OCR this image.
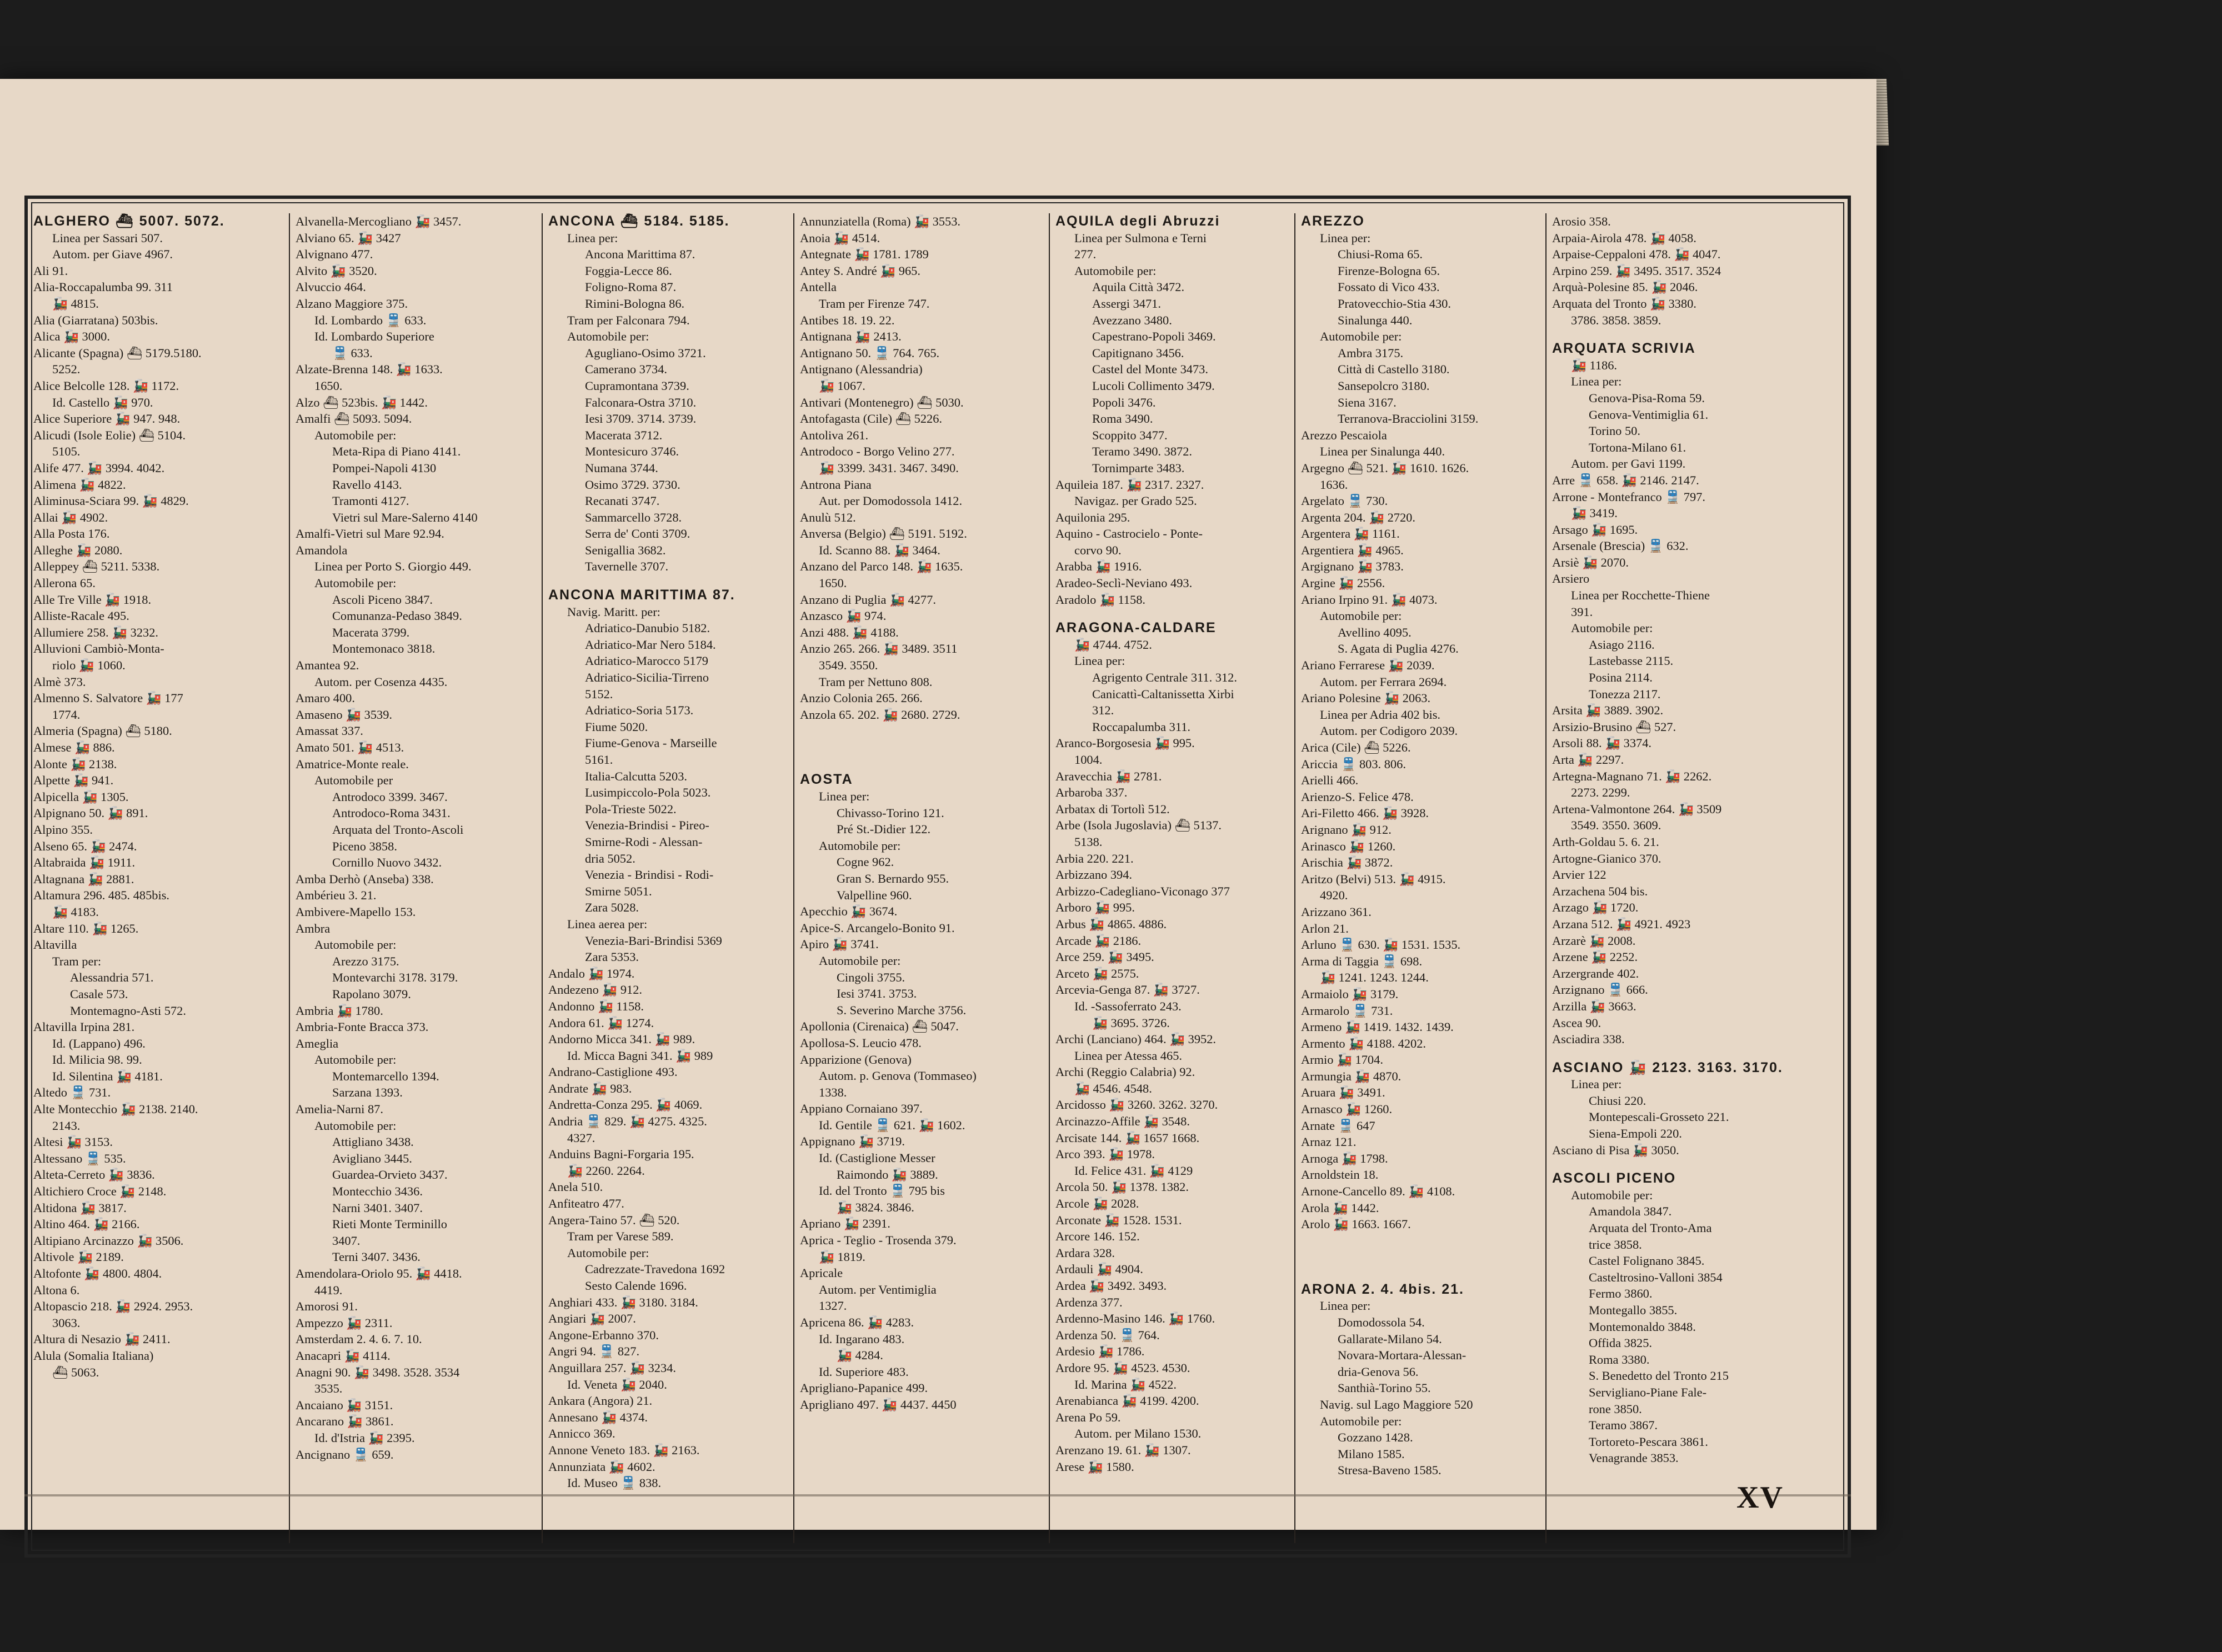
ALGHERO ⛴ 5007. 5072.
Linea per Sassari 507.
Autom. per Giave 4967.
Ali 91.
Alia-Roccapalumba 99. 311
🚂 4815.
Alia (Giarratana) 503bis.
Alica 🚂 3000.
Alicante (Spagna) ⛴ 5179.5180.
5252.
Alice Belcolle 128. 🚂 1172.
Id. Castello 🚂 970.
Alice Superiore 🚂 947. 948.
Alicudi (Isole Eolie) ⛴ 5104.
5105.
Alife 477. 🚂 3994. 4042.
Alimena 🚂 4822.
Aliminusa-Sciara 99. 🚂 4829.
Allai 🚂 4902.
Alla Posta 176.
Alleghe 🚂 2080.
Alleppey ⛴ 5211. 5338.
Allerona 65.
Alle Tre Ville 🚂 1918.
Alliste-Racale 495.
Allumiere 258. 🚂 3232.
Alluvioni Cambiò-Monta-
riolo 🚂 1060.
Almè 373.
Almenno S. Salvatore 🚂 177
1774.
Almeria (Spagna) ⛴ 5180.
Almese 🚂 886.
Alonte 🚂 2138.
Alpette 🚂 941.
Alpicella 🚂 1305.
Alpignano 50. 🚂 891.
Alpino 355.
Alseno 65. 🚂 2474.
Altabraida 🚂 1911.
Altagnana 🚂 2881.
Altamura 296. 485. 485bis.
🚂 4183.
Altare 110. 🚂 1265.
Altavilla
Tram per:
Alessandria 571.
Casale 573.
Montemagno-Asti 572.
Altavilla Irpina 281.
Id. (Lappano) 496.
Id. Milicia 98. 99.
Id. Silentina 🚂 4181.
Altedo 🚆 731.
Alte Montecchio 🚂 2138. 2140.
2143.
Altesi 🚂 3153.
Altessano 🚆 535.
Alteta-Cerreto 🚂 3836.
Altichiero Croce 🚂 2148.
Altidona 🚂 3817.
Altino 464. 🚂 2166.
Altipiano Arcinazzo 🚂 3506.
Altivole 🚂 2189.
Altofonte 🚂 4800. 4804.
Altona 6.
Altopascio 218. 🚂 2924. 2953.
3063.
Altura di Nesazio 🚂 2411.
Alula (Somalia Italiana)
⛴ 5063.
Alvanella-Mercogliano 🚂 3457.
Alviano 65. 🚂 3427
Alvignano 477.
Alvito 🚂 3520.
Alvuccio 464.
Alzano Maggiore 375.
Id. Lombardo 🚆 633.
Id. Lombardo Superiore
🚆 633.
Alzate-Brenna 148. 🚂 1633.
1650.
Alzo ⛴ 523bis. 🚂 1442.
Amalfi ⛴ 5093. 5094.
Automobile per:
Meta-Ripa di Piano 4141.
Pompei-Napoli 4130
Ravello 4143.
Tramonti 4127.
Vietri sul Mare-Salerno 4140
Amalfi-Vietri sul Mare 92.94.
Amandola
Linea per Porto S. Giorgio 449.
Automobile per:
Ascoli Piceno 3847.
Comunanza-Pedaso 3849.
Macerata 3799.
Montemonaco 3818.
Amantea 92.
Autom. per Cosenza 4435.
Amaro 400.
Amaseno 🚂 3539.
Amassat 337.
Amato 501. 🚂 4513.
Amatrice-Monte reale.
Automobile per
Antrodoco 3399. 3467.
Antrodoco-Roma 3431.
Arquata del Tronto-Ascoli
Piceno 3858.
Cornillo Nuovo 3432.
Amba Derhò (Anseba) 338.
Ambérieu 3. 21.
Ambivere-Mapello 153.
Ambra
Automobile per:
Arezzo 3175.
Montevarchi 3178. 3179.
Rapolano 3079.
Ambria 🚂 1780.
Ambria-Fonte Bracca 373.
Ameglia
Automobile per:
Montemarcello 1394.
Sarzana 1393.
Amelia-Narni 87.
Automobile per:
Attigliano 3438.
Avigliano 3445.
Guardea-Orvieto 3437.
Montecchio 3436.
Narni 3401. 3407.
Rieti Monte Terminillo
3407.
Terni 3407. 3436.
Amendolara-Oriolo 95. 🚂 4418.
4419.
Amorosi 91.
Ampezzo 🚂 2311.
Amsterdam 2. 4. 6. 7. 10.
Anacapri 🚂 4114.
Anagni 90. 🚂 3498. 3528. 3534
3535.
Ancaiano 🚂 3151.
Ancarano 🚂 3861.
Id. d'Istria 🚂 2395.
Ancignano 🚆 659.
ANCONA ⛴ 5184. 5185.
Linea per:
Ancona Marittima 87.
Foggia-Lecce 86.
Foligno-Roma 87.
Rimini-Bologna 86.
Tram per Falconara 794.
Automobile per:
Agugliano-Osimo 3721.
Camerano 3734.
Cupramontana 3739.
Falconara-Ostra 3710.
Iesi 3709. 3714. 3739.
Macerata 3712.
Montesicuro 3746.
Numana 3744.
Osimo 3729. 3730.
Recanati 3747.
Sammarcello 3728.
Serra de' Conti 3709.
Senigallia 3682.
Tavernelle 3707.
ANCONA MARITTIMA 87.
Navig. Maritt. per:
Adriatico-Danubio 5182.
Adriatico-Mar Nero 5184.
Adriatico-Marocco 5179
Adriatico-Sicilia-Tirreno
5152.
Adriatico-Soria 5173.
Fiume 5020.
Fiume-Genova - Marseille
5161.
Italia-Calcutta 5203.
Lusimpiccolo-Pola 5023.
Pola-Trieste 5022.
Venezia-Brindisi - Pireo-
Smirne-Rodi - Alessan-
dria 5052.
Venezia - Brindisi - Rodi-
Smirne 5051.
Zara 5028.
Linea aerea per:
Venezia-Bari-Brindisi 5369
Zara 5353.
Andalo 🚂 1974.
Andezeno 🚂 912.
Andonno 🚂 1158.
Andora 61. 🚂 1274.
Andorno Micca 341. 🚂 989.
Id. Micca Bagni 341. 🚂 989
Andrano-Castiglione 493.
Andrate 🚂 983.
Andretta-Conza 295. 🚂 4069.
Andria 🚆 829. 🚂 4275. 4325.
4327.
Anduins Bagni-Forgaria 195.
🚂 2260. 2264.
Anela 510.
Anfiteatro 477.
Angera-Taino 57. ⛴ 520.
Tram per Varese 589.
Automobile per:
Cadrezzate-Travedona 1692
Sesto Calende 1696.
Anghiari 433. 🚂 3180. 3184.
Angiari 🚂 2007.
Angone-Erbanno 370.
Angri 94. 🚆 827.
Anguillara 257. 🚂 3234.
Id. Veneta 🚂 2040.
Ankara (Angora) 21.
Annesano 🚂 4374.
Annicco 369.
Annone Veneto 183. 🚂 2163.
Annunziata 🚂 4602.
Id. Museo 🚆 838.
Annunziatella (Roma) 🚂 3553.
Anoia 🚂 4514.
Antegnate 🚂 1781. 1789
Antey S. André 🚂 965.
Antella
Tram per Firenze 747.
Antibes 18. 19. 22.
Antignana 🚂 2413.
Antignano 50. 🚆 764. 765.
Antignano (Alessandria)
🚂 1067.
Antivari (Montenegro) ⛴ 5030.
Antofagasta (Cile) ⛴ 5226.
Antoliva 261.
Antrodoco - Borgo Velino 277.
🚂 3399. 3431. 3467. 3490.
Antrona Piana
Aut. per Domodossola 1412.
Anulù 512.
Anversa (Belgio) ⛴ 5191. 5192.
Id. Scanno 88. 🚂 3464.
Anzano del Parco 148. 🚂 1635.
1650.
Anzano di Puglia 🚂 4277.
Anzasco 🚂 974.
Anzi 488. 🚂 4188.
Anzio 265. 266. 🚂 3489. 3511
3549. 3550.
Tram per Nettuno 808.
Anzio Colonia 265. 266.
Anzola 65. 202. 🚂 2680. 2729.
AOSTA
Linea per:
Chivasso-Torino 121.
Pré St.-Didier 122.
Automobile per:
Cogne 962.
Gran S. Bernardo 955.
Valpelline 960.
Apecchio 🚂 3674.
Apice-S. Arcangelo-Bonito 91.
Apiro 🚂 3741.
Automobile per:
Cingoli 3755.
Iesi 3741. 3753.
S. Severino Marche 3756.
Apollonia (Cirenaica) ⛴ 5047.
Apollosa-S. Leucio 478.
Apparizione (Genova)
Autom. p. Genova (Tommaseo)
1338.
Appiano Cornaiano 397.
Id. Gentile 🚆 621. 🚂 1602.
Appignano 🚂 3719.
Id. (Castiglione Messer
Raimondo 🚂 3889.
Id. del Tronto 🚆 795 bis
🚂 3824. 3846.
Apriano 🚂 2391.
Aprica - Teglio - Trosenda 379.
🚂 1819.
Apricale
Autom. per Ventimiglia
1327.
Apricena 86. 🚂 4283.
Id. Ingarano 483.
🚂 4284.
Id. Superiore 483.
Aprigliano-Papanice 499.
Aprigliano 497. 🚂 4437. 4450
AQUILA degli Abruzzi
Linea per Sulmona e Terni
277.
Automobile per:
Aquila Città 3472.
Assergi 3471.
Avezzano 3480.
Capestrano-Popoli 3469.
Capitignano 3456.
Castel del Monte 3473.
Lucoli Collimento 3479.
Popoli 3476.
Roma 3490.
Scoppito 3477.
Teramo 3490. 3872.
Tornimparte 3483.
Aquileia 187. 🚂 2317. 2327.
Navigaz. per Grado 525.
Aquilonia 295.
Aquino - Castrocielo - Ponte-
corvo 90.
Arabba 🚂 1916.
Aradeo-Seclì-Neviano 493.
Aradolo 🚂 1158.
ARAGONA-CALDARE
🚂 4744. 4752.
Linea per:
Agrigento Centrale 311. 312.
Canicattì-Caltanissetta Xirbi
312.
Roccapalumba 311.
Aranco-Borgosesia 🚂 995.
1004.
Aravecchia 🚂 2781.
Arbaroba 337.
Arbatax di Tortolì 512.
Arbe (Isola Jugoslavia) ⛴ 5137.
5138.
Arbia 220. 221.
Arbizzano 394.
Arbizzo-Cadegliano-Viconago 377
Arboro 🚂 995.
Arbus 🚂 4865. 4886.
Arcade 🚂 2186.
Arce 259. 🚂 3495.
Arceto 🚂 2575.
Arcevia-Genga 87. 🚂 3727.
Id. -Sassoferrato 243.
🚂 3695. 3726.
Archi (Lanciano) 464. 🚂 3952.
Linea per Atessa 465.
Archi (Reggio Calabria) 92.
🚂 4546. 4548.
Arcidosso 🚂 3260. 3262. 3270.
Arcinazzo-Affile 🚂 3548.
Arcisate 144. 🚂 1657 1668.
Arco 393. 🚂 1978.
Id. Felice 431. 🚂 4129
Arcola 50. 🚂 1378. 1382.
Arcole 🚂 2028.
Arconate 🚂 1528. 1531.
Arcore 146. 152.
Ardara 328.
Ardauli 🚂 4904.
Ardea 🚂 3492. 3493.
Ardenza 377.
Ardenno-Masino 146. 🚂 1760.
Ardenza 50. 🚆 764.
Ardesio 🚂 1786.
Ardore 95. 🚂 4523. 4530.
Id. Marina 🚂 4522.
Arenabianca 🚂 4199. 4200.
Arena Po 59.
Autom. per Milano 1530.
Arenzano 19. 61. 🚂 1307.
Arese 🚂 1580.
AREZZO
Linea per:
Chiusi-Roma 65.
Firenze-Bologna 65.
Fossato di Vico 433.
Pratovecchio-Stia 430.
Sinalunga 440.
Automobile per:
Ambra 3175.
Città di Castello 3180.
Sansepolcro 3180.
Siena 3167.
Terranova-Bracciolini 3159.
Arezzo Pescaiola
Linea per Sinalunga 440.
Argegno ⛴ 521. 🚂 1610. 1626.
1636.
Argelato 🚆 730.
Argenta 204. 🚂 2720.
Argentera 🚂 1161.
Argentiera 🚂 4965.
Argignano 🚂 3783.
Argine 🚂 2556.
Ariano Irpino 91. 🚂 4073.
Automobile per:
Avellino 4095.
S. Agata di Puglia 4276.
Ariano Ferrarese 🚂 2039.
Autom. per Ferrara 2694.
Ariano Polesine 🚂 2063.
Linea per Adria 402 bis.
Autom. per Codigoro 2039.
Arica (Cile) ⛴ 5226.
Ariccia 🚆 803. 806.
Arielli 466.
Arienzo-S. Felice 478.
Ari-Filetto 466. 🚂 3928.
Arignano 🚂 912.
Arinasco 🚂 1260.
Arischia 🚂 3872.
Aritzo (Belvi) 513. 🚂 4915.
4920.
Arizzano 361.
Arlon 21.
Arluno 🚆 630. 🚂 1531. 1535.
Arma di Taggia 🚆 698.
🚂 1241. 1243. 1244.
Armaiolo 🚂 3179.
Armarolo 🚆 731.
Armeno 🚂 1419. 1432. 1439.
Armento 🚂 4188. 4202.
Armio 🚂 1704.
Armungia 🚂 4870.
Aruara 🚂 3491.
Arnasco 🚂 1260.
Arnate 🚆 647
Arnaz 121.
Arnoga 🚂 1798.
Arnoldstein 18.
Arnone-Cancello 89. 🚂 4108.
Arola 🚂 1442.
Arolo 🚂 1663. 1667.
ARONA 2. 4. 4bis. 21.
Linea per:
Domodossola 54.
Gallarate-Milano 54.
Novara-Mortara-Alessan-
dria-Genova 56.
Santhià-Torino 55.
Navig. sul Lago Maggiore 520
Automobile per:
Gozzano 1428.
Milano 1585.
Stresa-Baveno 1585.
Arosio 358.
Arpaia-Airola 478. 🚂 4058.
Arpaise-Ceppaloni 478. 🚂 4047.
Arpino 259. 🚂 3495. 3517. 3524
Arquà-Polesine 85. 🚂 2046.
Arquata del Tronto 🚂 3380.
3786. 3858. 3859.
ARQUATA SCRIVIA
🚂 1186.
Linea per:
Genova-Pisa-Roma 59.
Genova-Ventimiglia 61.
Torino 50.
Tortona-Milano 61.
Autom. per Gavi 1199.
Arre 🚆 658. 🚂 2146. 2147.
Arrone - Montefranco 🚆 797.
🚂 3419.
Arsago 🚂 1695.
Arsenale (Brescia) 🚆 632.
Arsiè 🚂 2070.
Arsiero
Linea per Rocchette-Thiene
391.
Automobile per:
Asiago 2116.
Lastebasse 2115.
Posina 2114.
Tonezza 2117.
Arsita 🚂 3889. 3902.
Arsizio-Brusino ⛴ 527.
Arsoli 88. 🚂 3374.
Arta 🚂 2297.
Artegna-Magnano 71. 🚂 2262.
2273. 2299.
Artena-Valmontone 264. 🚂 3509
3549. 3550. 3609.
Arth-Goldau 5. 6. 21.
Artogne-Gianico 370.
Arvier 122
Arzachena 504 bis.
Arzago 🚂 1720.
Arzana 512. 🚂 4921. 4923
Arzarè 🚂 2008.
Arzene 🚂 2252.
Arzergrande 402.
Arzignano 🚆 666.
Arzilla 🚂 3663.
Ascea 90.
Asciadira 338.
ASCIANO 🚂 2123. 3163. 3170.
Linea per:
Chiusi 220.
Montepescali-Grosseto 221.
Siena-Empoli 220.
Asciano di Pisa 🚂 3050.
ASCOLI PICENO
Automobile per:
Amandola 3847.
Arquata del Tronto-Ama
trice 3858.
Castel Folignano 3845.
Casteltrosino-Valloni 3854
Fermo 3860.
Montegallo 3855.
Montemonaldo 3848.
Offida 3825.
Roma 3380.
S. Benedetto del Tronto 215
Servigliano-Piane Fale-
rone 3850.
Teramo 3867.
Tortoreto-Pescara 3861.
Venagrande 3853.
XV
